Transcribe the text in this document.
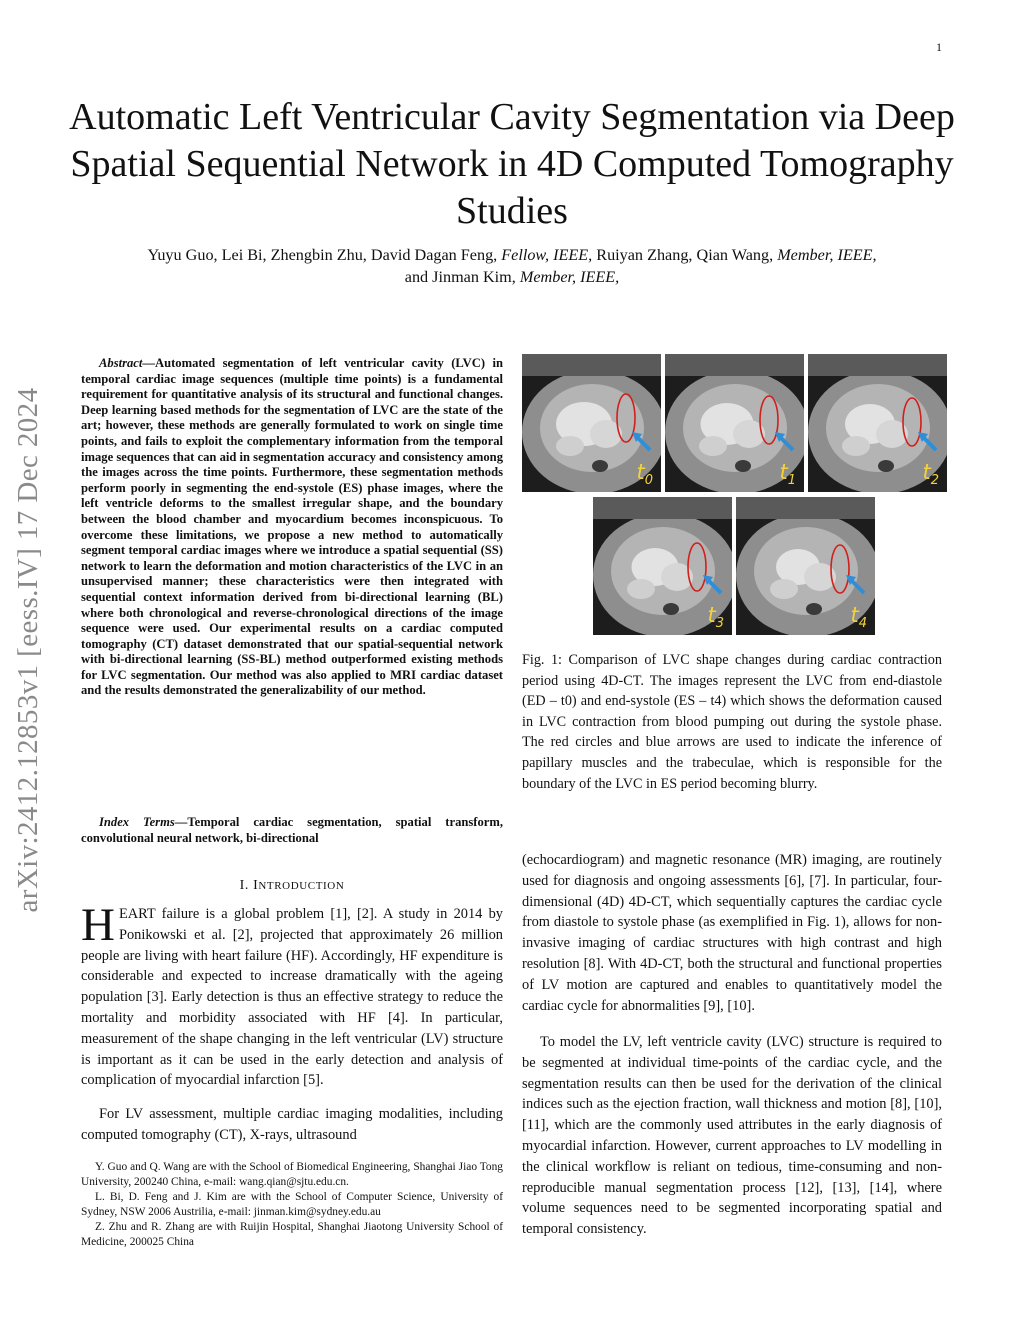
1
arXiv:2412.12853v1 [eess.IV] 17 Dec 2024
Automatic Left Ventricular Cavity Segmentation via Deep Spatial Sequential Network in 4D Computed Tomography Studies
Yuyu Guo, Lei Bi, Zhengbin Zhu, David Dagan Feng, Fellow, IEEE, Ruiyan Zhang, Qian Wang, Member, IEEE,
and Jinman Kim, Member, IEEE,
Abstract—Automated segmentation of left ventricular cavity (LVC) in temporal cardiac image sequences (multiple time points) is a fundamental requirement for quantitative analysis of its structural and functional changes. Deep learning based methods for the segmentation of LVC are the state of the art; however, these methods are generally formulated to work on single time points, and fails to exploit the complementary information from the temporal image sequences that can aid in segmentation accuracy and consistency among the images across the time points. Furthermore, these segmentation methods perform poorly in segmenting the end-systole (ES) phase images, where the left ventricle deforms to the smallest irregular shape, and the boundary between the blood chamber and myocardium becomes inconspicuous. To overcome these limitations, we propose a new method to automatically segment temporal cardiac images where we introduce a spatial sequential (SS) network to learn the deformation and motion characteristics of the LVC in an unsupervised manner; these characteristics were then integrated with sequential context information derived from bi-directional learning (BL) where both chronological and reverse-chronological directions of the image sequence were used. Our experimental results on a cardiac computed tomography (CT) dataset demonstrated that our spatial-sequential network with bi-directional learning (SS-BL) method outperformed existing methods for LVC segmentation. Our method was also applied to MRI cardiac dataset and the results demonstrated the generalizability of our method.
Index Terms—Temporal cardiac segmentation, spatial transform, convolutional neural network, bi-directional
I. INTRODUCTION
HEART failure is a global problem [1], [2]. A study in 2014 by Ponikowski et al. [2], projected that approximately 26 million people are living with heart failure (HF). Accordingly, HF expenditure is considerable and expected to increase dramatically with the ageing population [3]. Early detection is thus an effective strategy to reduce the mortality and morbidity associated with HF [4]. In particular, measurement of the shape changing in the left ventricular (LV) structure is important as it can be used in the early detection and analysis of complication of myocardial infarction [5].
For LV assessment, multiple cardiac imaging modalities, including computed tomography (CT), X-rays, ultrasound

Y. Guo and Q. Wang are with the School of Biomedical Engineering, Shanghai Jiao Tong University, 200240 China, e-mail: wang.qian@sjtu.edu.cn.

L. Bi, D. Feng and J. Kim are with the School of Computer Science, University of Sydney, NSW 2006 Austrilia, e-mail: jinman.kim@sydney.edu.au

Z. Zhu and R. Zhang are with Ruijin Hospital, Shanghai Jiaotong University School of Medicine, 200025 China

$t_0$	$t_1$	$t_2$
$t_3$	$t_4$
Fig. 1: Comparison of LVC shape changes during cardiac contraction period using 4D-CT. The images represent the LVC from end-diastole (ED – t0) and end-systole (ES – t4) which shows the deformation caused in LVC contraction from blood pumping out during the systole phase. The red circles and blue arrows are used to indicate the inference of papillary muscles and the trabeculae, which is responsible for the boundary of the LVC in ES period becoming blurry.
(echocardiogram) and magnetic resonance (MR) imaging, are routinely used for diagnosis and ongoing assessments [6], [7]. In particular, four-dimensional (4D) 4D-CT, which sequentially captures the cardiac cycle from diastole to systole phase (as exemplified in Fig. 1), allows for non-invasive imaging of cardiac structures with high contrast and high resolution [8]. With 4D-CT, both the structural and functional properties of LV motion are captured and enables to quantitatively model the cardiac cycle for abnormalities [9], [10].
To model the LV, left ventricle cavity (LVC) structure is required to be segmented at individual time-points of the cardiac cycle, and the segmentation results can then be used for the derivation of the clinical indices such as the ejection fraction, wall thickness and motion [8], [10], [11], which are the commonly used attributes in the early diagnosis of myocardial infarction. However, current approaches to LV modelling in the clinical workflow is reliant on tedious, time-consuming and non-reproducible manual segmentation process [12], [13], [14], where volume sequences need to be segmented incorporating spatial and temporal consistency.
